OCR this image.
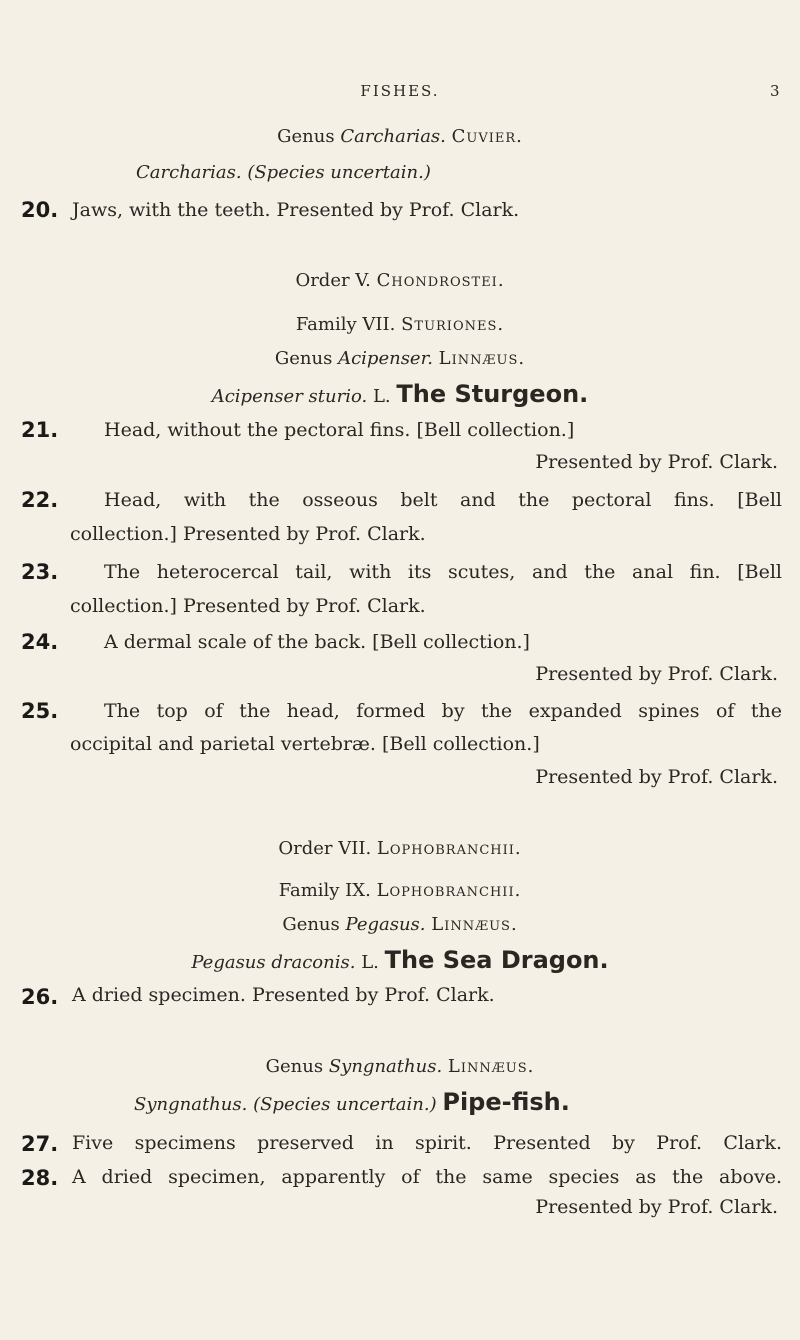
FISHES.	3
Genus Carcharias. Cuvier.
Carcharias. (Species uncertain.)
20. Jaws, with the teeth. Presented by Prof. Clark.
Order V. Chondrostei.
Family VII. Sturiones.
Genus Acipenser. Linnæus.
Acipenser sturio. L. The Sturgeon.
21. Head, without the pectoral fins. [Bell collection.]
Presented by Prof. Clark.
22. Head, with the osseous belt and the pectoral fins. [Bell
collection.] Presented by Prof. Clark.
23. The heterocercal tail, with its scutes, and the anal fin. [Bell
collection.] Presented by Prof. Clark.
24. A dermal scale of the back. [Bell collection.]
Presented by Prof. Clark.
25. The top of the head, formed by the expanded spines of the
occipital and parietal vertebræ. [Bell collection.]
Presented by Prof. Clark.
Order VII. Lophobranchii.
Family IX. Lophobranchii.
Genus Pegasus. Linnæus.
Pegasus draconis. L. The Sea Dragon.
26. A dried specimen. Presented by Prof. Clark.
Genus Syngnathus. Linnæus.
Syngnathus. (Species uncertain.) Pipe-fish.
27. Five specimens preserved in spirit. Presented by Prof. Clark.
28. A dried specimen, apparently of the same species as the above.
Presented by Prof. Clark.
